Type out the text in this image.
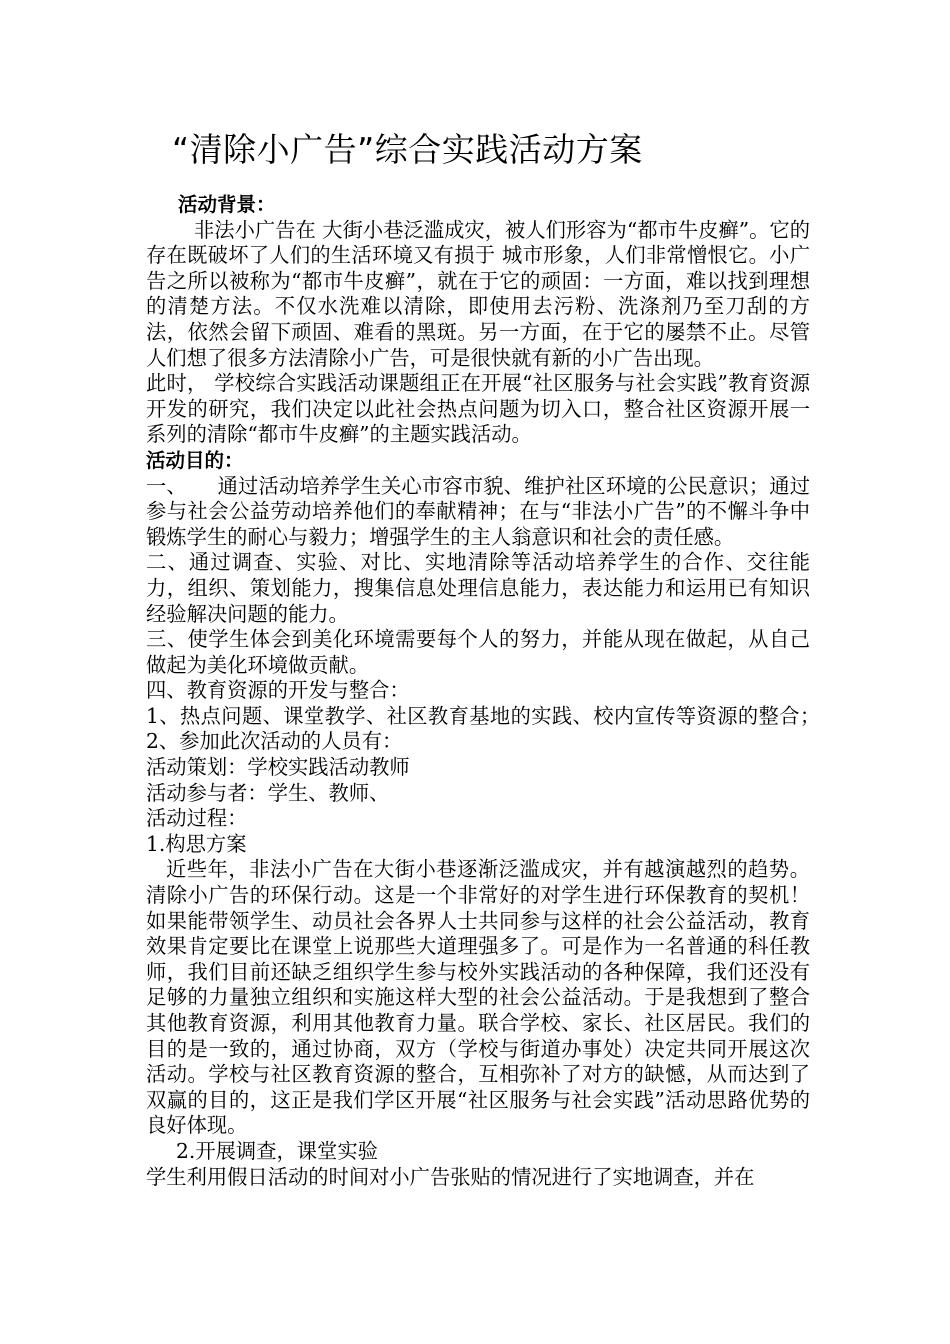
“清除小广告”综合实践活动方案

活动背景：

非法小广告在 大街小巷泛滥成灾，被人们形容为“都市牛皮癣”。它的存在既破坏了人们的生活环境又有损于 城市形象，人们非常憎恨它。小广告之所以被称为“都市牛皮癣”，就在于它的顽固：一方面，难以找到理想的清楚方法。不仅水洗难以清除，即使用去污粉、洗涤剂乃至刀刮的方法，依然会留下顽固、难看的黑斑。另一方面，在于它的屡禁不止。尽管人们想了很多方法清除小广告，可是很快就有新的小广告出现。

此时， 学校综合实践活动课题组正在开展“社区服务与社会实践”教育资源开发的研究，我们决定以此社会热点问题为切入口，整合社区资源开展一系列的清除“都市牛皮癣”的主题实践活动。

活动目的：

一、　　通过活动培养学生关心市容市貌、维护社区环境的公民意识；通过参与社会公益劳动培养他们的奉献精神；在与“非法小广告”的不懈斗争中锻炼学生的耐心与毅力；增强学生的主人翁意识和社会的责任感。

二、通过调查、实验、对比、实地清除等活动培养学生的合作、交往能力，组织、策划能力，搜集信息处理信息能力，表达能力和运用已有知识经验解决问题的能力。

三、使学生体会到美化环境需要每个人的努力，并能从现在做起，从自己做起为美化环境做贡献。

四、教育资源的开发与整合：

1、热点问题、课堂教学、社区教育基地的实践、校内宣传等资源的整合；　 2、参加此次活动的人员有：

活动策划：学校实践活动教师

活动参与者：学生、教师、

活动过程：

1.构思方案

近些年，非法小广告在大街小巷逐渐泛滥成灾，并有越演越烈的趋势。清除小广告的环保行动。这是一个非常好的对学生进行环保教育的契机！如果能带领学生、动员社会各界人士共同参与这样的社会公益活动，教育效果肯定要比在课堂上说那些大道理强多了。可是作为一名普通的科任教师，我们目前还缺乏组织学生参与校外实践活动的各种保障，我们还没有足够的力量独立组织和实施这样大型的社会公益活动。于是我想到了整合其他教育资源，利用其他教育力量。联合学校、家长、社区居民。我们的目的是一致的，通过协商，双方（学校与街道办事处）决定共同开展这次活动。学校与社区教育资源的整合，互相弥补了对方的缺憾，从而达到了双赢的目的，这正是我们学区开展“社区服务与社会实践”活动思路优势的良好体现。

2.开展调查，课堂实验

学生利用假日活动的时间对小广告张贴的情况进行了实地调查，并在
